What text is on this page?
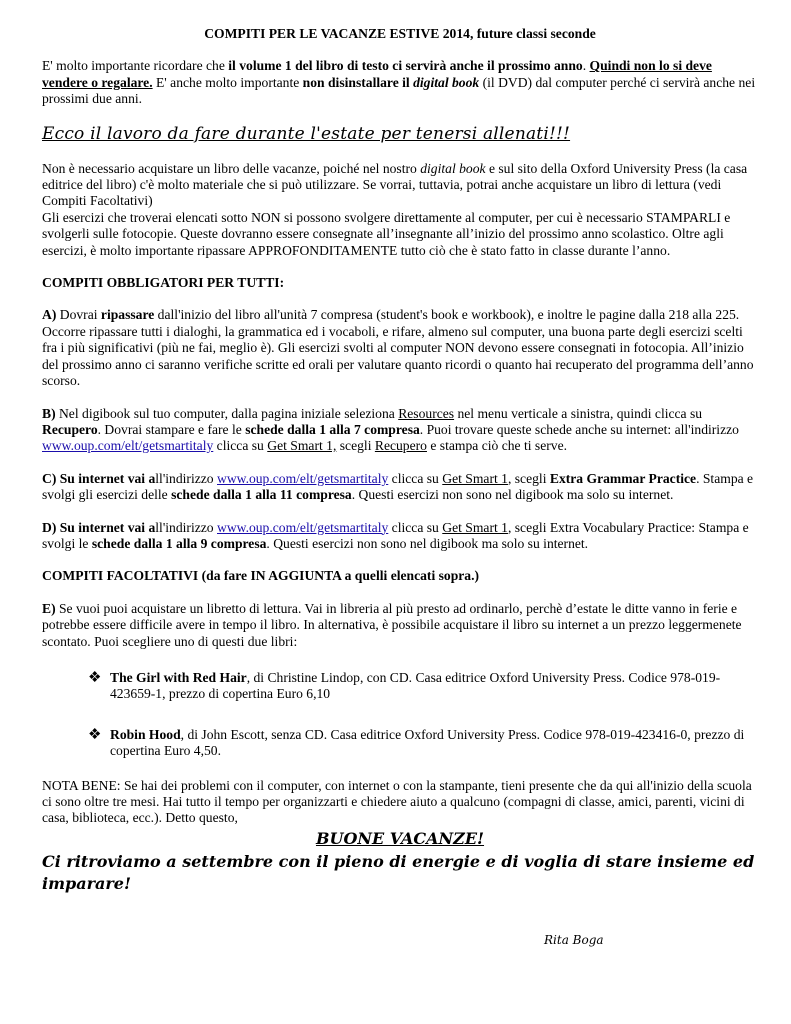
COMPITI PER LE VACANZE ESTIVE 2014, future classi seconde

E' molto importante ricordare che il volume 1 del libro di testo ci servirà anche il prossimo anno. Quindi non lo si deve vendere o regalare. E' anche molto importante non disinstallare il digital book (il DVD) dal computer perché ci servirà anche nei prossimi due anni.

Ecco il lavoro da fare durante l'estate per tenersi allenati!!!

Non è necessario acquistare un libro delle vacanze, poiché nel nostro digital book e sul sito della Oxford University Press (la casa editrice del libro) c'è molto materiale che si può utilizzare. Se vorrai, tuttavia, potrai anche acquistare un libro di lettura (vedi Compiti Facoltativi)
Gli esercizi che troverai elencati sotto NON si possono svolgere direttamente al computer, per cui è necessario STAMPARLI e svolgerli sulle fotocopie. Queste dovranno essere consegnate all’insegnante all’inizio del prossimo anno scolastico. Oltre agli esercizi, è molto importante ripassare APPROFONDITAMENTE tutto ciò che è stato fatto in classe durante l’anno.

COMPITI OBBLIGATORI PER TUTTI:

A) Dovrai ripassare dall'inizio del libro all'unità 7 compresa (student's book e workbook), e inoltre le pagine dalla 218 alla 225. Occorre ripassare tutti i dialoghi, la grammatica ed i vocaboli, e rifare, almeno sul computer, una buona parte degli esercizi scelti fra i più significativi (più ne fai, meglio è). Gli esercizi svolti al computer NON devono essere consegnati in fotocopia. All’inizio del prossimo anno ci saranno verifiche scritte ed orali per valutare quanto ricordi o quanto hai recuperato del programma dell’anno scorso.

B) Nel digibook sul tuo computer, dalla pagina iniziale seleziona Resources nel menu verticale a sinistra, quindi clicca su Recupero. Dovrai stampare e fare le schede dalla 1 alla 7 compresa. Puoi trovare queste schede anche su internet: all'indirizzo www.oup.com/elt/getsmartitaly clicca su Get Smart 1, scegli Recupero e stampa ciò che ti serve.

C) Su internet vai all'indirizzo www.oup.com/elt/getsmartitaly clicca su Get Smart 1, scegli Extra Grammar Practice. Stampa e svolgi gli esercizi delle schede dalla 1 alla 11 compresa. Questi esercizi non sono nel digibook ma solo su internet.

D) Su internet vai all'indirizzo www.oup.com/elt/getsmartitaly clicca su Get Smart 1, scegli Extra Vocabulary Practice: Stampa e svolgi le schede dalla 1 alla 9 compresa. Questi esercizi non sono nel digibook ma solo su internet.

COMPITI FACOLTATIVI (da fare IN AGGIUNTA a quelli elencati sopra.)

E) Se vuoi puoi acquistare un libretto di lettura. Vai in libreria al più presto ad ordinarlo, perchè d’estate le ditte vanno in ferie e potrebbe essere difficile avere in tempo il libro. In alternativa, è possibile acquistare il libro su internet a un prezzo leggermenete scontato. Puoi scegliere uno di questi due libri:

❖ The Girl with Red Hair, di Christine Lindop, con CD. Casa editrice Oxford University Press. Codice 978-019-423659-1, prezzo di copertina Euro 6,10
❖ Robin Hood, di John Escott, senza CD. Casa editrice Oxford University Press. Codice 978-019-423416-0, prezzo di copertina Euro 4,50.

NOTA BENE: Se hai dei problemi con il computer, con internet o con la stampante, tieni presente che da qui all'inizio della scuola ci sono oltre tre mesi. Hai tutto il tempo per organizzarti e chiedere aiuto a qualcuno (compagni di classe, amici, parenti, vicini di casa, biblioteca, ecc.). Detto questo,

BUONE VACANZE!

Ci ritroviamo a settembre con il pieno di energie e di voglia di stare insieme ed imparare!

Rita Boga
